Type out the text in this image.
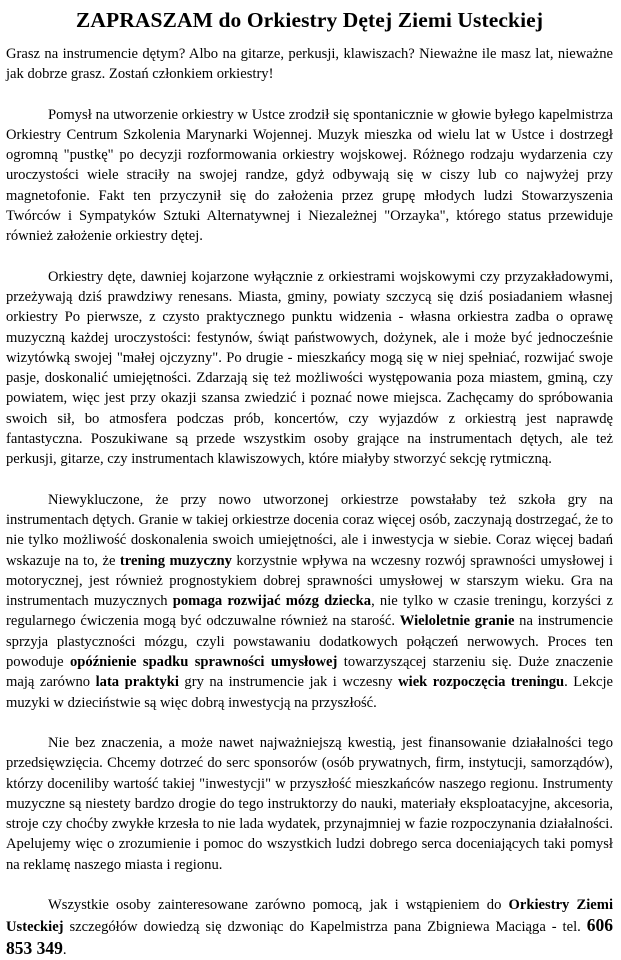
ZAPRASZAM do Orkiestry Dętej Ziemi Usteckiej

Grasz na instrumencie dętym? Albo na gitarze, perkusji, klawiszach? Nieważne ile masz lat, nieważne jak dobrze grasz. Zostań członkiem orkiestry!

Pomysł na utworzenie orkiestry w Ustce zrodził się spontanicznie w głowie byłego kapelmistrza Orkiestry Centrum Szkolenia Marynarki Wojennej. Muzyk mieszka od wielu lat w Ustce i dostrzegł ogromną "pustkę" po decyzji rozformowania orkiestry wojskowej. Różnego rodzaju wydarzenia czy uroczystości wiele straciły na swojej randze, gdyż odbywają się w ciszy lub co najwyżej przy magnetofonie. Fakt ten przyczynił się do założenia przez grupę młodych ludzi Stowarzyszenia Twórców i Sympatyków Sztuki Alternatywnej i Niezależnej "Orzayka", którego status przewiduje również założenie orkiestry dętej.

Orkiestry dęte, dawniej kojarzone wyłącznie z orkiestrami wojskowymi czy przyzakładowymi, przeżywają dziś prawdziwy renesans. Miasta, gminy, powiaty szczycą się dziś posiadaniem własnej orkiestry Po pierwsze, z czysto praktycznego punktu widzenia - własna orkiestra zadba o oprawę muzyczną każdej uroczystości: festynów, świąt państwowych, dożynek, ale i może być jednocześnie wizytówką swojej "małej ojczyzny". Po drugie - mieszkańcy mogą się w niej spełniać, rozwijać swoje pasje, doskonalić umiejętności. Zdarzają się też możliwości występowania poza miastem, gminą, czy powiatem, więc jest przy okazji szansa zwiedzić i poznać nowe miejsca. Zachęcamy do spróbowania swoich sił, bo atmosfera podczas prób, koncertów, czy wyjazdów z orkiestrą jest naprawdę fantastyczna. Poszukiwane są przede wszystkim osoby grające na instrumentach dętych, ale też perkusji, gitarze, czy instrumentach klawiszowych, które miałyby stworzyć sekcję rytmiczną.

Niewykluczone, że przy nowo utworzonej orkiestrze powstałaby też szkoła gry na instrumentach dętych. Granie w takiej orkiestrze docenia coraz więcej osób, zaczynają dostrzegać, że to nie tylko możliwość doskonalenia swoich umiejętności, ale i inwestycja w siebie. Coraz więcej badań wskazuje na to, że trening muzyczny korzystnie wpływa na wczesny rozwój sprawności umysłowej i motorycznej, jest również prognostykiem dobrej sprawności umysłowej w starszym wieku. Gra na instrumentach muzycznych pomaga rozwijać mózg dziecka, nie tylko w czasie treningu, korzyści z regularnego ćwiczenia mogą być odczuwalne również na starość. Wieloletnie granie na instrumencie sprzyja plastyczności mózgu, czyli powstawaniu dodatkowych połączeń nerwowych. Proces ten powoduje opóźnienie spadku sprawności umysłowej towarzyszącej starzeniu się. Duże znaczenie mają zarówno lata praktyki gry na instrumencie jak i wczesny wiek rozpoczęcia treningu. Lekcje muzyki w dzieciństwie są więc dobrą inwestycją na przyszłość.

Nie bez znaczenia, a może nawet najważniejszą kwestią, jest finansowanie działalności tego przedsięwzięcia. Chcemy dotrzeć do serc sponsorów (osób prywatnych, firm, instytucji, samorządów), którzy doceniliby wartość takiej "inwestycji" w przyszłość mieszkańców naszego regionu. Instrumenty muzyczne są niestety bardzo drogie do tego instruktorzy do nauki, materiały eksploatacyjne, akcesoria, stroje czy choćby zwykłe krzesła to nie lada wydatek, przynajmniej w fazie rozpoczynania działalności. Apelujemy więc o zrozumienie i pomoc do wszystkich ludzi dobrego serca doceniających taki pomysł na reklamę naszego miasta i regionu.

Wszystkie osoby zainteresowane zarówno pomocą, jak i wstąpieniem do Orkiestry Ziemi Usteckiej szczegółów dowiedzą się dzwoniąc do Kapelmistrza pana Zbigniewa Maciąga - tel. 606 853 349.
